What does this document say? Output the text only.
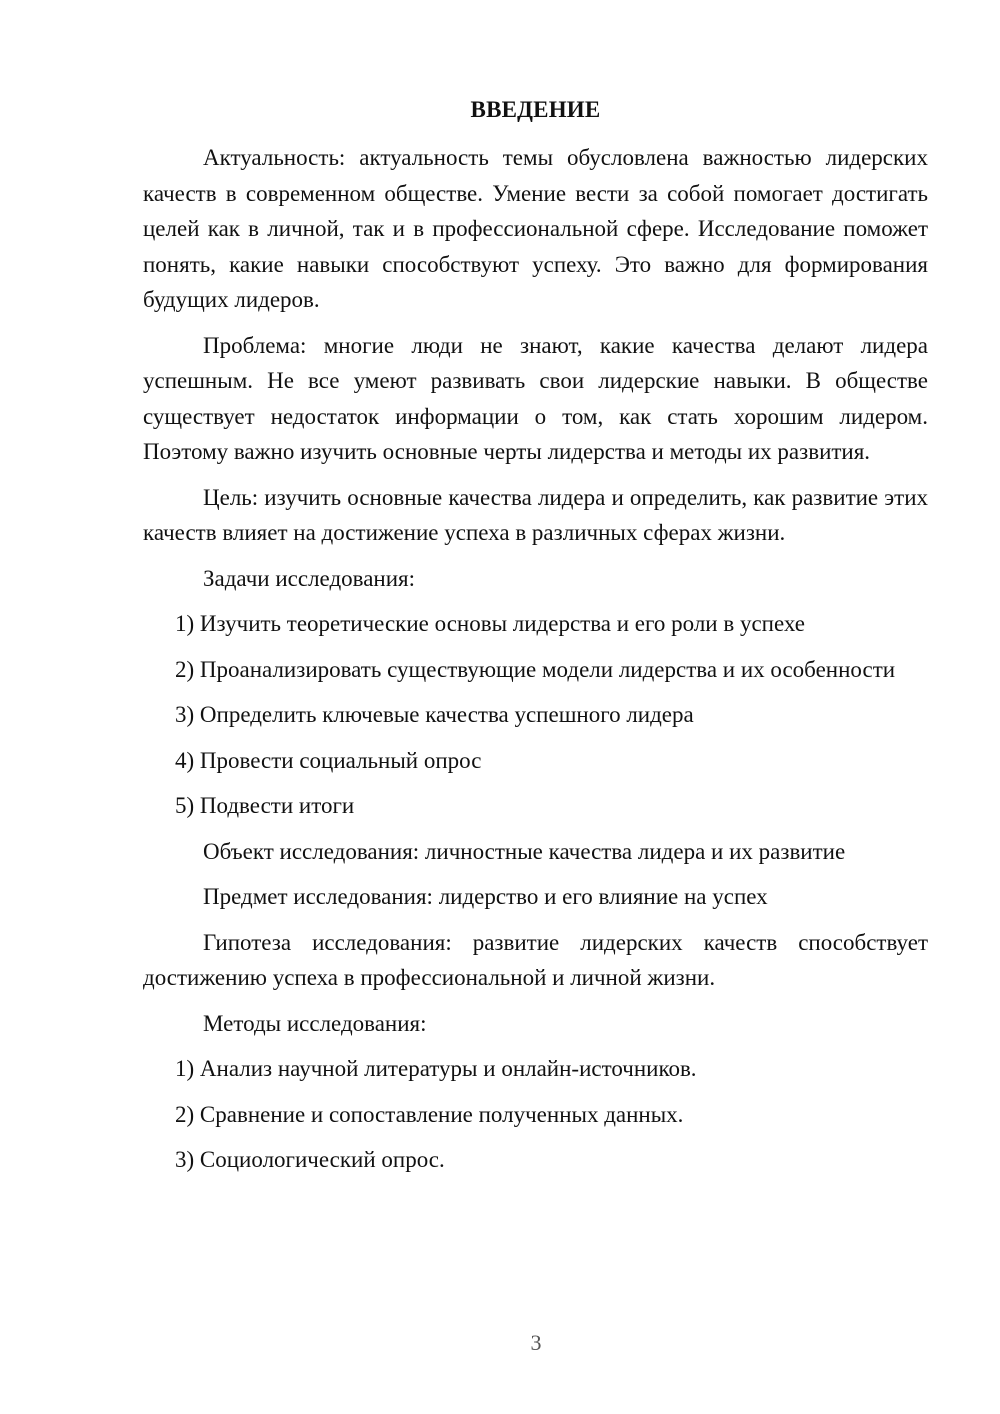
ВВЕДЕНИЕ

Актуальность: актуальность темы обусловлена важностью лидерских качеств в современном обществе. Умение вести за собой помогает достигать целей как в личной, так и в профессиональной сфере. Исследование поможет понять, какие навыки способствуют успеху. Это важно для формирования будущих лидеров.

Проблема: многие люди не знают, какие качества делают лидера успешным. Не все умеют развивать свои лидерские навыки. В обществе существует недостаток информации о том, как стать хорошим лидером. Поэтому важно изучить основные черты лидерства и методы их развития.

Цель: изучить основные качества лидера и определить, как развитие этих качеств влияет на достижение успеха в различных сферах жизни.

Задачи исследования:

1) Изучить теоретические основы лидерства и его роли в успехе

2) Проанализировать существующие модели лидерства и их особенности

3) Определить ключевые качества успешного лидера

4) Провести социальный опрос

5) Подвести итоги

Объект исследования: личностные качества лидера и их развитие

Предмет исследования: лидерство и его влияние на успех

Гипотеза исследования: развитие лидерских качеств способствует достижению успеха в профессиональной и личной жизни.

Методы исследования:

1) Анализ научной литературы и онлайн-источников.

2) Сравнение и сопоставление полученных данных.

3) Социологический опрос.

3
